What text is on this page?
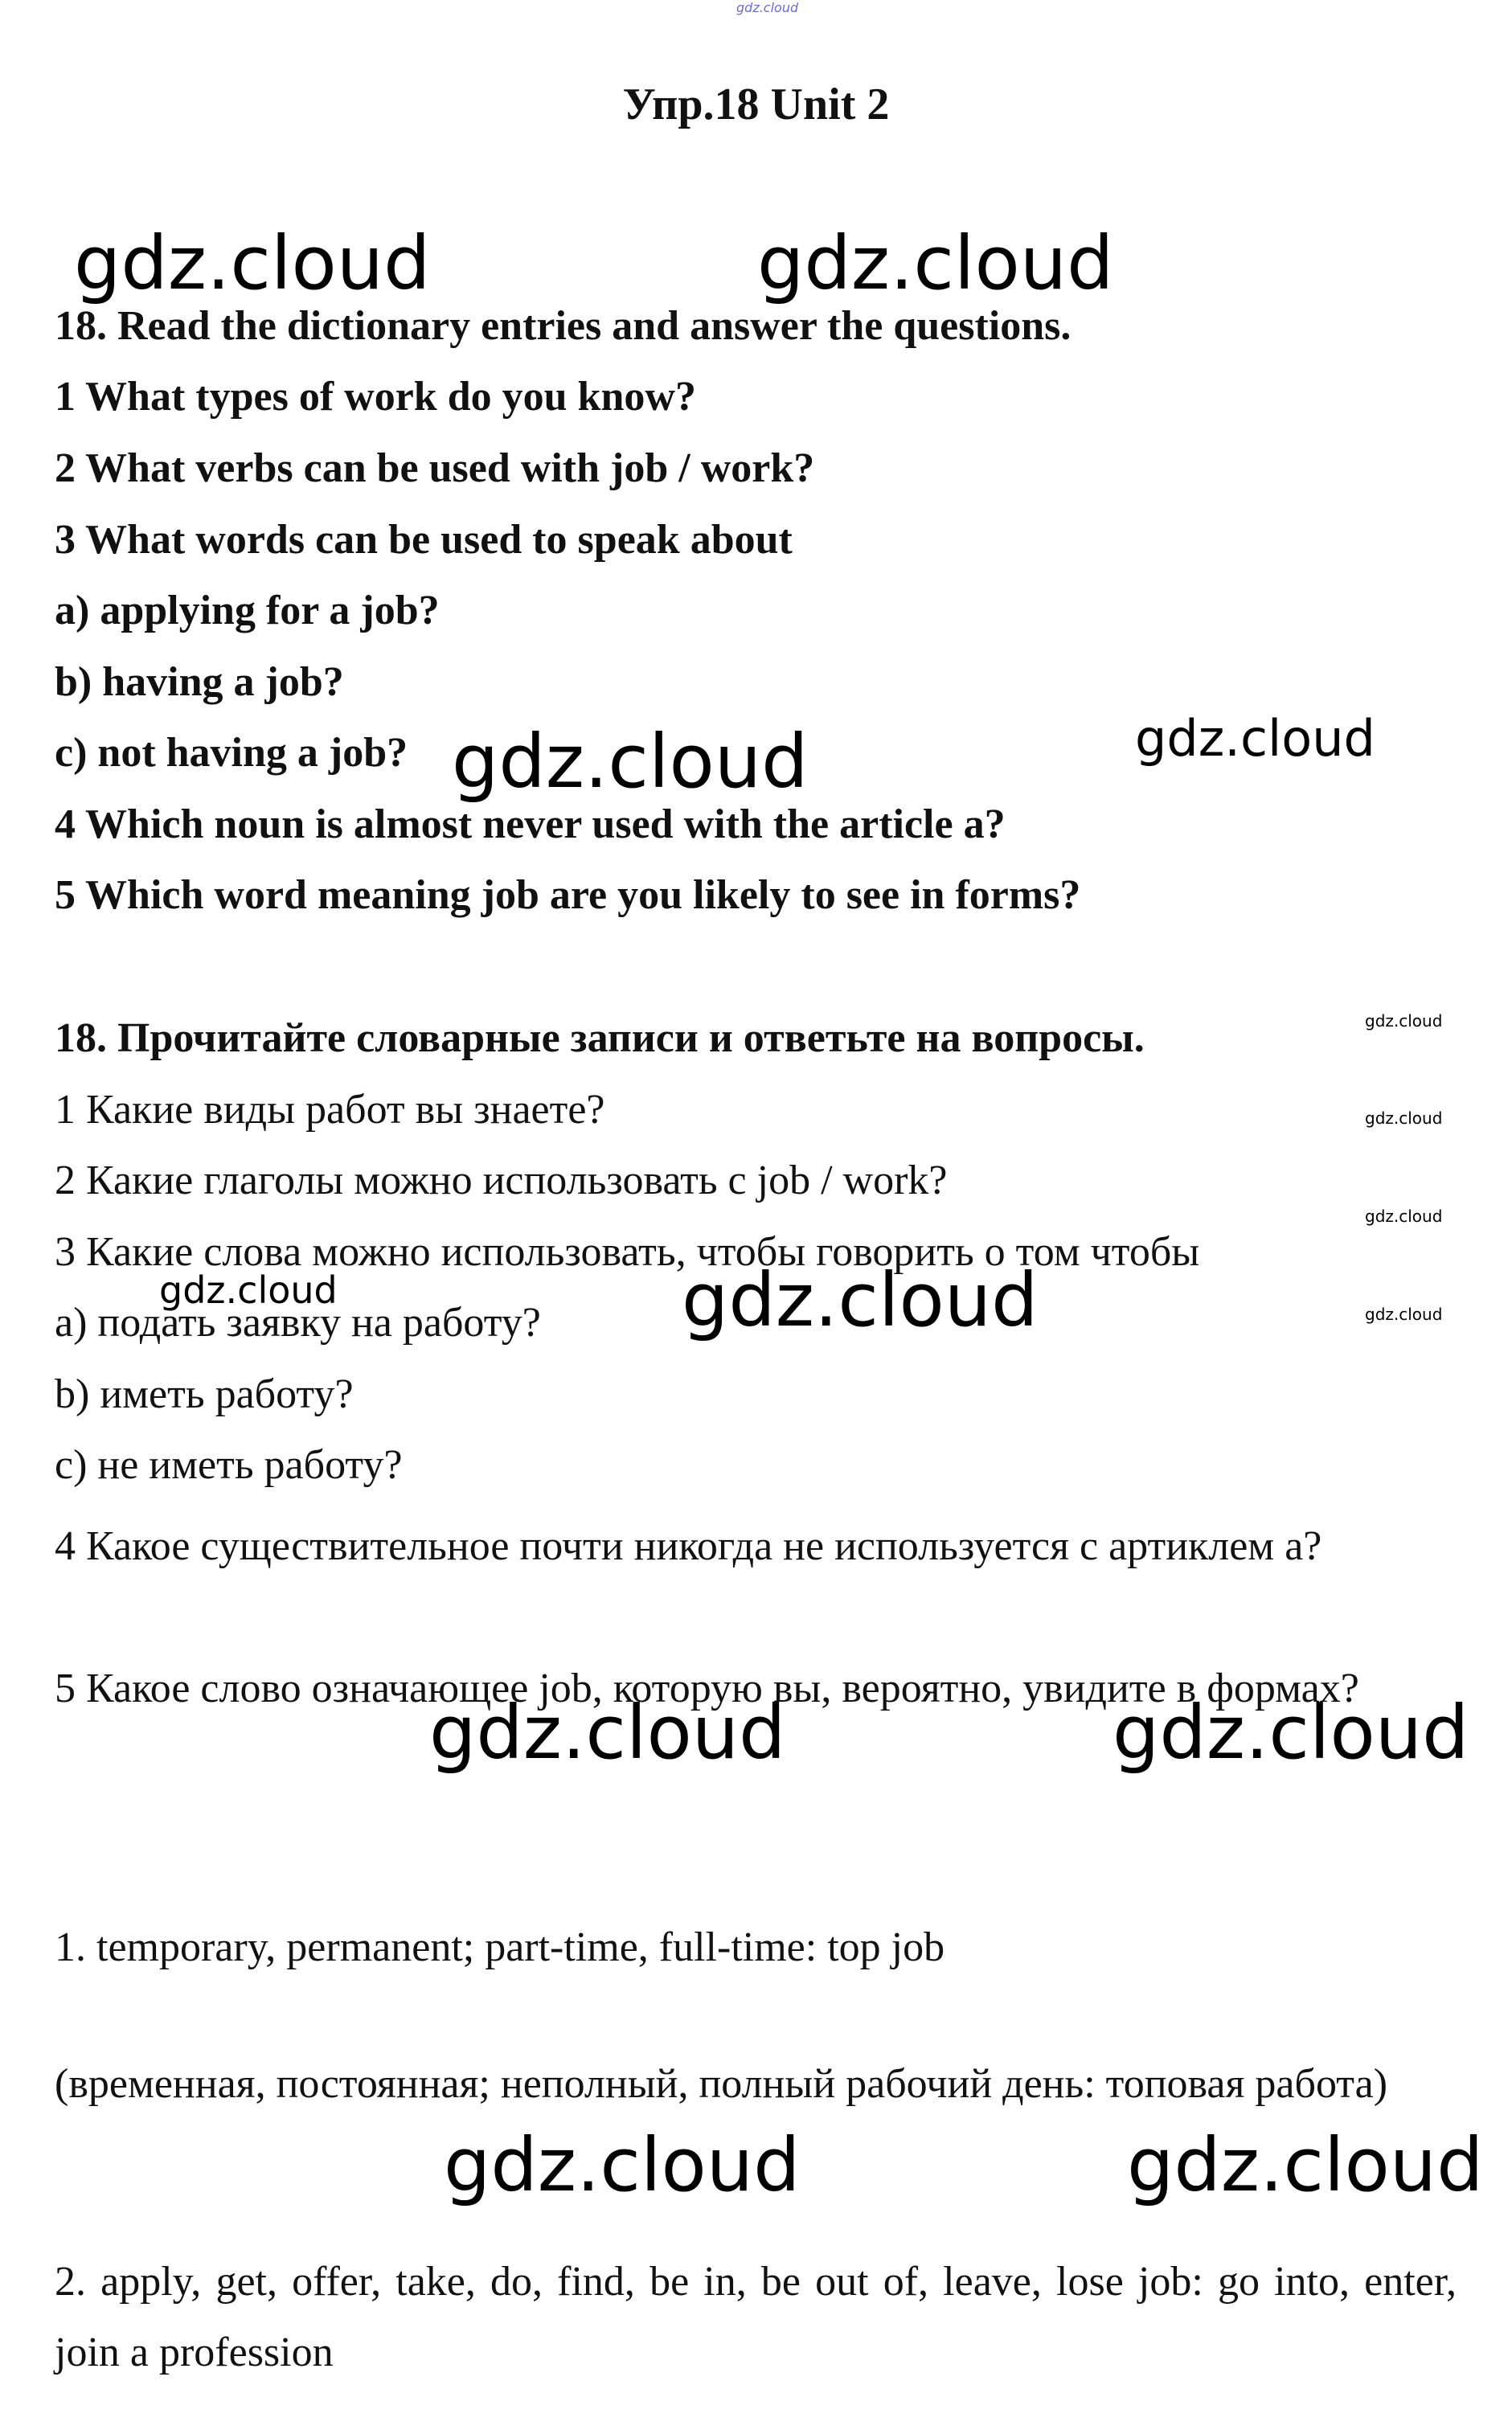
gdz.cloud
Упр.18 Unit 2

18. Read the dictionary entries and answer the questions.

1 What types of work do you know?

2 What verbs can be used with job / work?

3 What words can be used to speak about

a) applying for a job?

b) having a job?

c) not having a job?

4 Which noun is almost never used with the article a?

5 Which word meaning job are you likely to see in forms?

18. Прочитайте словарные записи и ответьте на вопросы.

1 Какие виды работ вы знаете?

2 Какие глаголы можно использовать с job / work?

3 Какие слова можно использовать, чтобы говорить о том чтобы

а) подать заявку на работу?

b) иметь работу?

c) не иметь работу?

4 Какое существительное почти никогда не используется с артиклем а?

5 Какое слово означающее job, которую вы, вероятно, увидите в формах?

1. temporary, permanent; part-time, full-time: top job

(временная, постоянная; неполный, полный рабочий день: топовая работа)

2. apply, get, offer, take, do, find, be in, be out of, leave, lose job: go into, enter, join a profession

gdz.cloud	gdz.cloud
gdz.cloud	gdz.cloud
gdz.cloud
gdz.cloud
gdz.cloud
gdz.cloud
gdz.cloud	gdz.cloud
gdz.cloud	gdz.cloud
gdz.cloud	gdz.cloud
